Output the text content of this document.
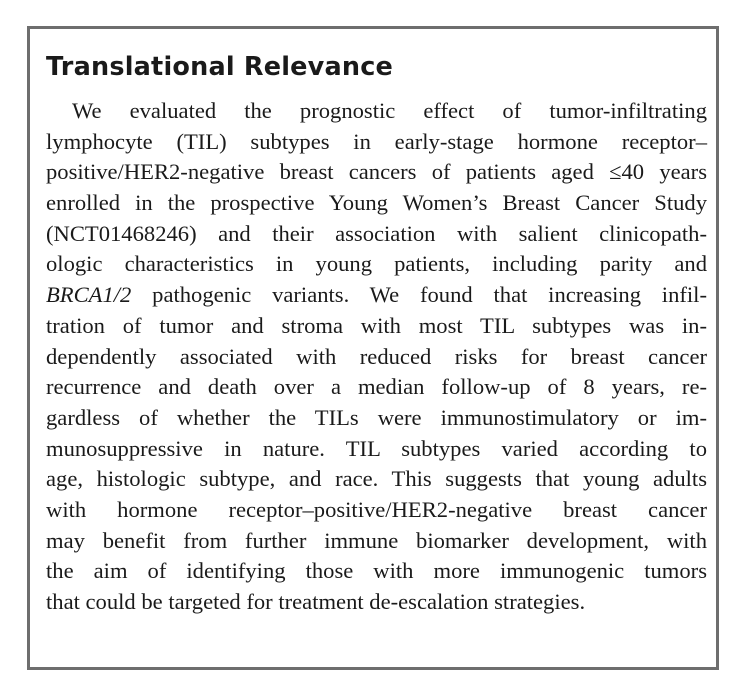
Translational Relevance
We evaluated the prognostic effect of tumor-infiltrating
lymphocyte (TIL) subtypes in early-stage hormone receptor–
positive/HER2-negative breast cancers of patients aged ≤40 years
enrolled in the prospective Young Women’s Breast Cancer Study
(NCT01468246) and their association with salient clinicopath-
ologic characteristics in young patients, including parity and
BRCA1/2 pathogenic variants. We found that increasing infil-
tration of tumor and stroma with most TIL subtypes was in-
dependently associated with reduced risks for breast cancer
recurrence and death over a median follow-up of 8 years, re-
gardless of whether the TILs were immunostimulatory or im-
munosuppressive in nature. TIL subtypes varied according to
age, histologic subtype, and race. This suggests that young adults
with hormone receptor–positive/HER2-negative breast cancer
may benefit from further immune biomarker development, with
the aim of identifying those with more immunogenic tumors
that could be targeted for treatment de-escalation strategies.
